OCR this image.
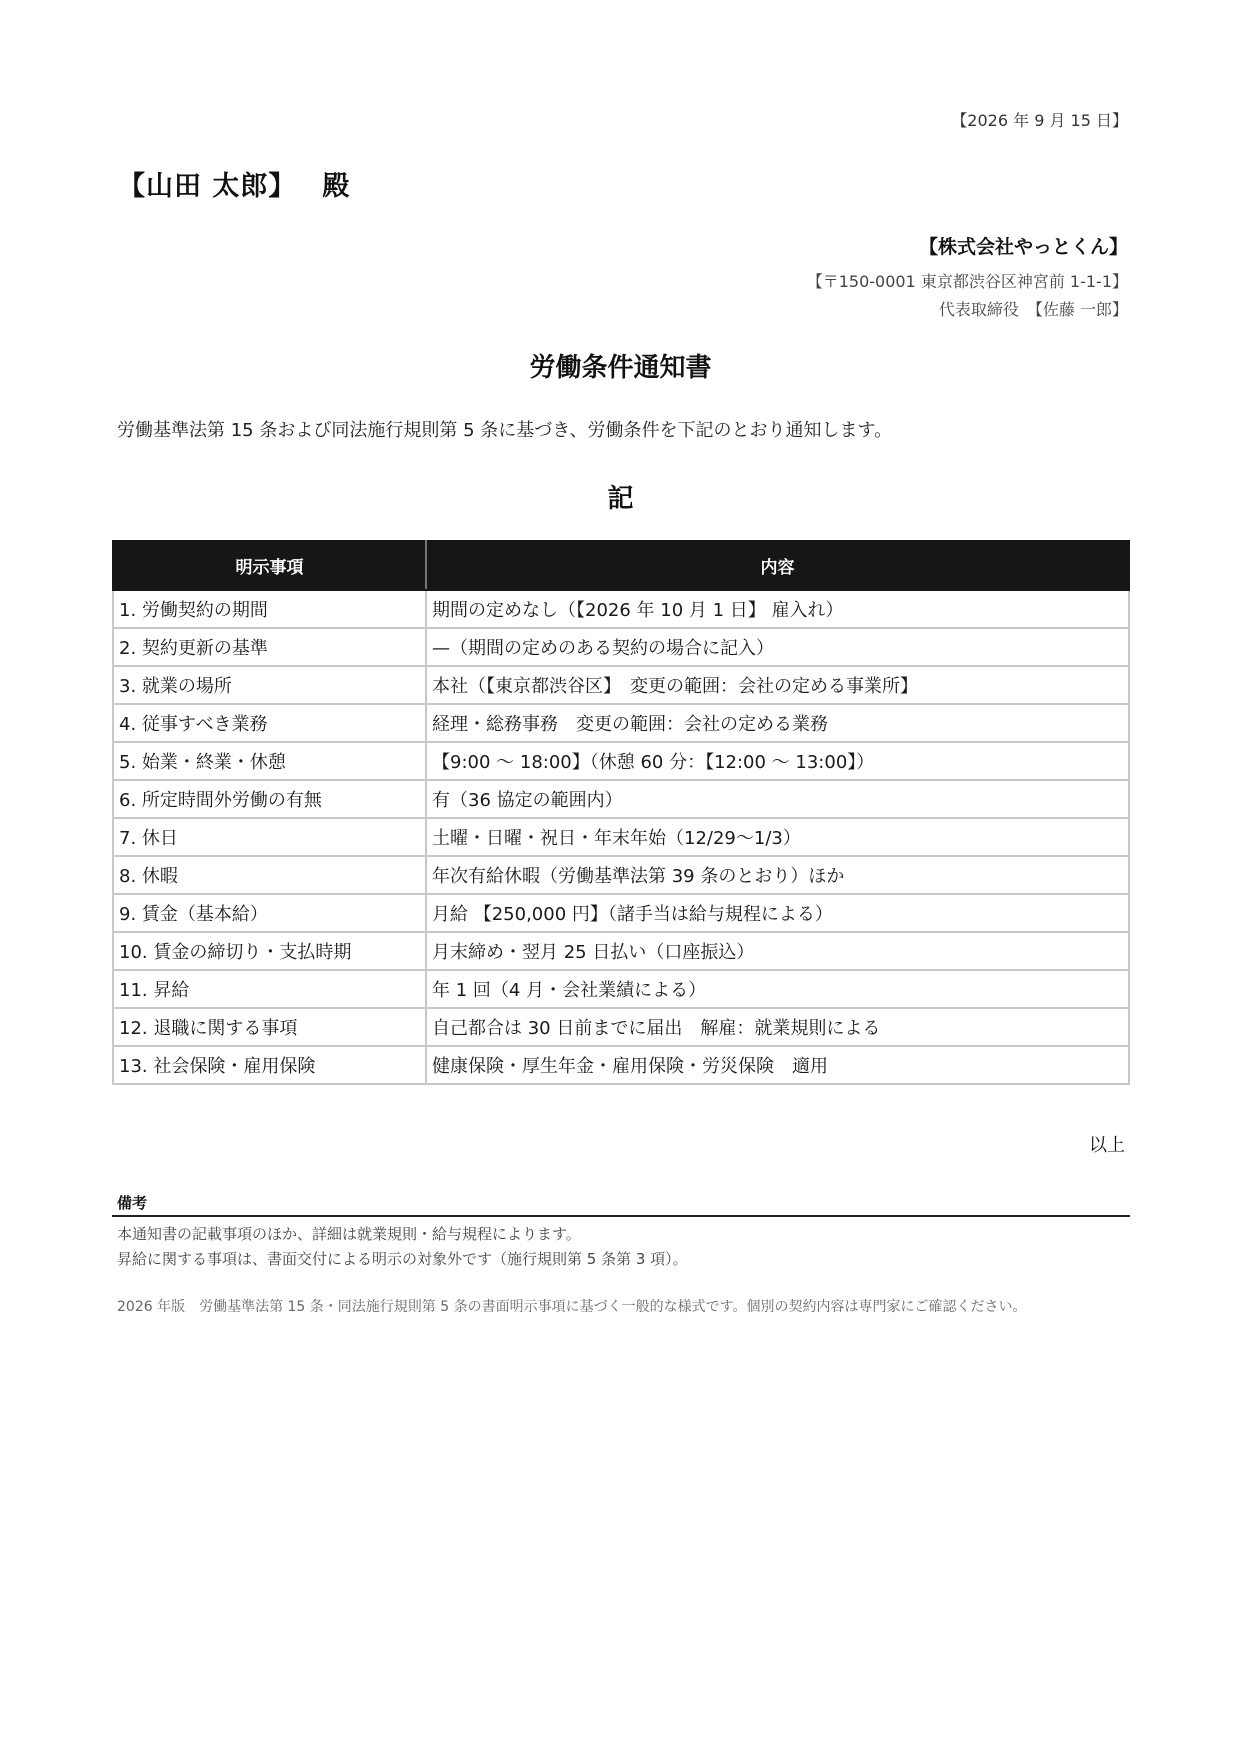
【2026 年 9 月 15 日】
【山田 太郎】 殿
【株式会社やっとくん】
【〒150-0001 東京都渋谷区神宮前 1-1-1】
代表取締役　【佐藤 一郎】
労働条件通知書
労働基準法第 15 条および同法施行規則第 5 条に基づき、労働条件を下記のとおり通知します。
記
明示事項	内容
1. 労働契約の期間	期間の定めなし（【2026 年 10 月 1 日】 雇入れ）
2. 契約更新の基準	—（期間の定めのある契約の場合に記入）
3. 就業の場所	本社（【東京都渋谷区】　変更の範囲：会社の定める事業所】
4. 従事すべき業務	経理・総務事務　変更の範囲：会社の定める業務
5. 始業・終業・休憩	【9:00 〜 18:00】（休憩 60 分：【12:00 〜 13:00】）
6. 所定時間外労働の有無	有（36 協定の範囲内）
7. 休日	土曜・日曜・祝日・年末年始（12/29〜1/3）
8. 休暇	年次有給休暇（労働基準法第 39 条のとおり）ほか
9. 賃金（基本給）	月給 【250,000 円】（諸手当は給与規程による）
10. 賃金の締切り・支払時期	月末締め・翌月 25 日払い（口座振込）
11. 昇給	年 1 回（4 月・会社業績による）
12. 退職に関する事項	自己都合は 30 日前までに届出　解雇：就業規則による
13. 社会保険・雇用保険	健康保険・厚生年金・雇用保険・労災保険　適用
以上
備考
本通知書の記載事項のほか、詳細は就業規則・給与規程によります。
昇給に関する事項は、書面交付による明示の対象外です（施行規則第 5 条第 3 項）。
2026 年版　労働基準法第 15 条・同法施行規則第 5 条の書面明示事項に基づく一般的な様式です。個別の契約内容は専門家にご確認ください。
